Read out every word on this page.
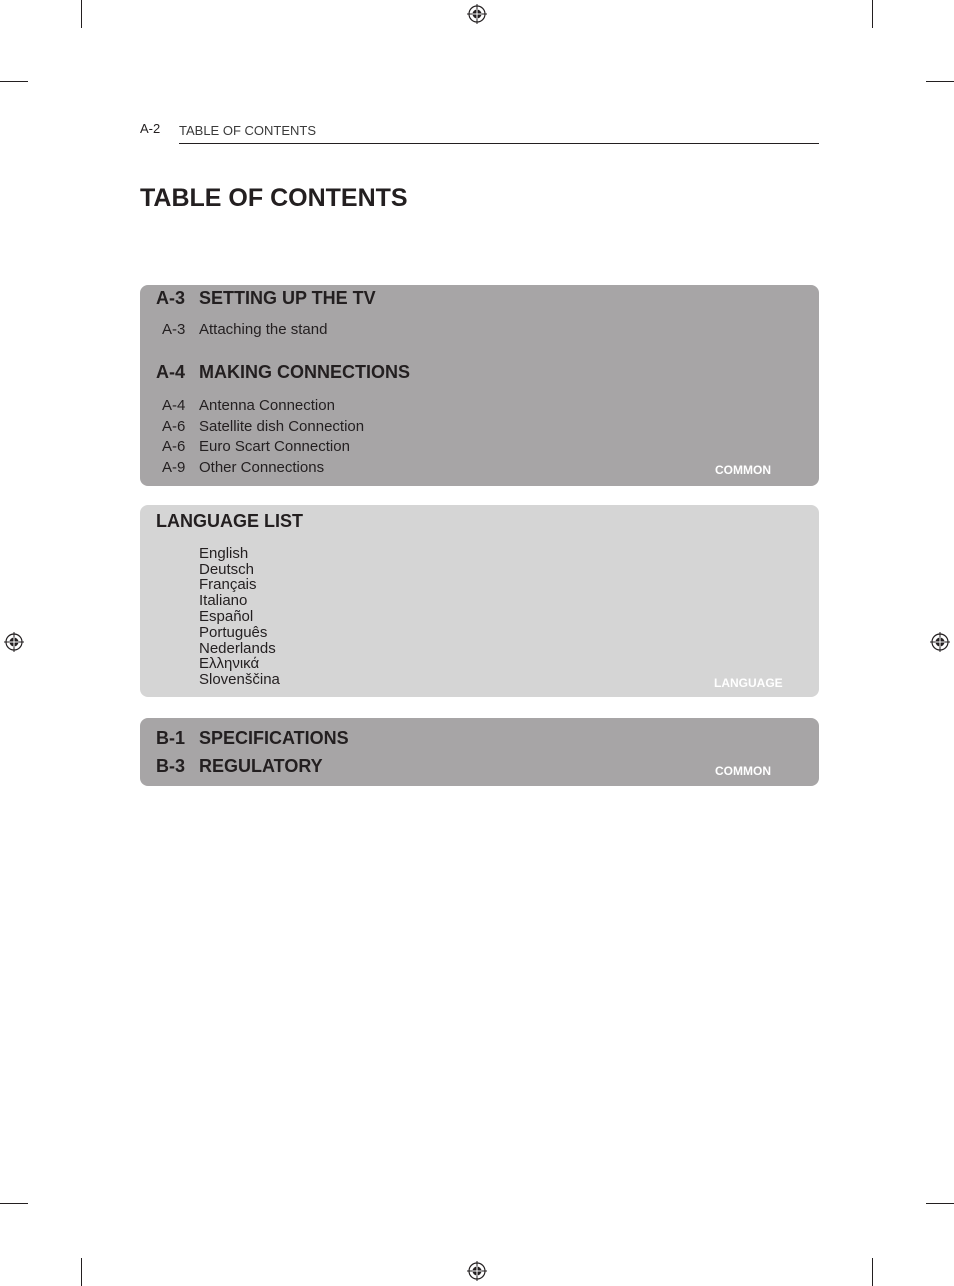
A-2 TABLE OF CONTENTS
TABLE OF CONTENTS
A-3 SETTING UP THE TV
A-3 Attaching the stand
A-4 MAKING CONNECTIONS
A-4 Antenna Connection
A-6 Satellite dish Connection
A-6 Euro Scart Connection
A-9 Other Connections	COMMON
LANGUAGE LIST
English
Deutsch
Français
Italiano
Español
Português
Nederlands
Ελληνικά
Slovenščina	LANGUAGE
B-1 SPECIFICATIONS
B-3 REGULATORY	COMMON
